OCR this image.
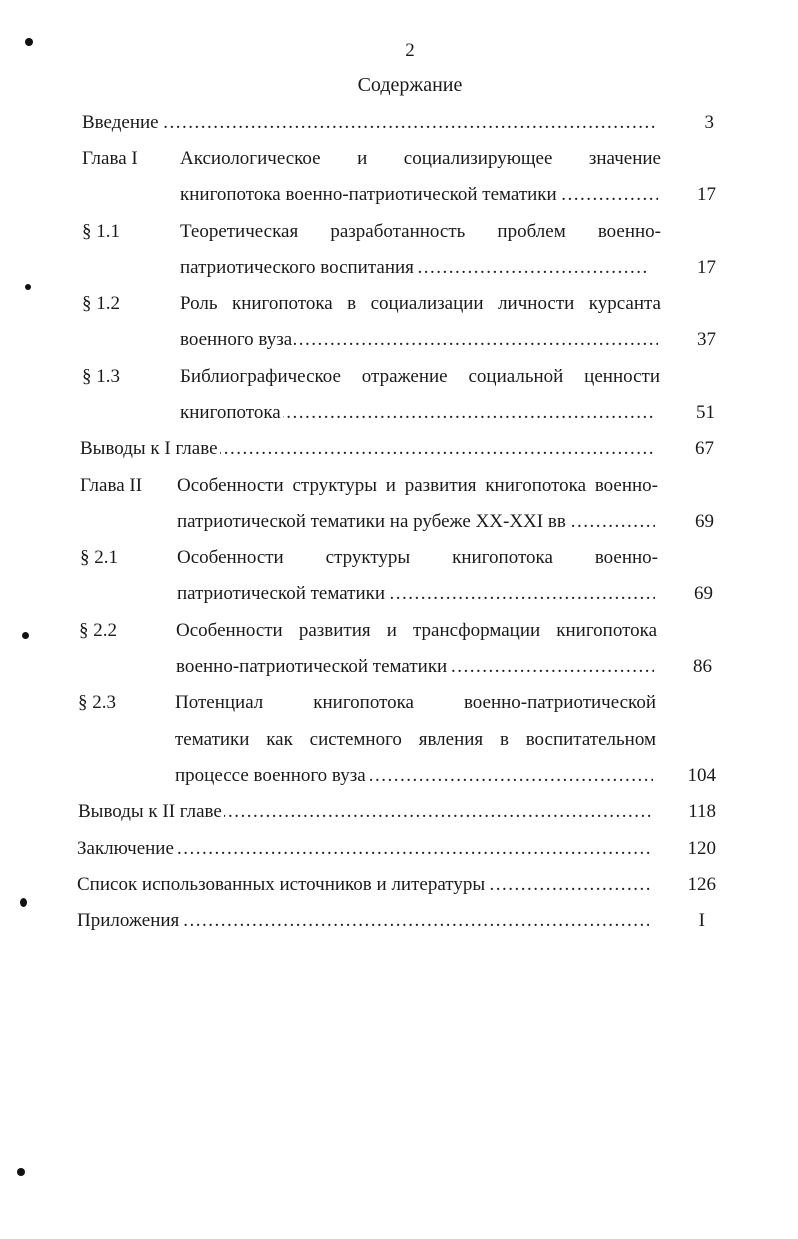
2
Содержание
Введение .....	3
Глава I Аксиологическое и социализирующее значение
книгопотока военно-патриотической тематики .....	17
§ 1.1	Теоретическая разработанность проблем военно-
патриотического воспитания .....	17
§ 1.2	Роль книгопотока в социализации личности курсанта
военного вуза .....	37
§ 1.3	Библиографическое отражение социальной ценности
книгопотока .....	51
Выводы к I главе .....	67
Глава II Особенности структуры и развития книгопотока военно-
патриотической тематики на рубеже XX-XXI вв .....	69
§ 2.1	Особенности структуры книгопотока военно-
патриотической тематики .....	69
§ 2.2	Особенности развития и трансформации книгопотока
военно-патриотической тематики .....	86
§ 2.3	Потенциал книгопотока военно-патриотической
тематики как системного явления в воспитательном
процессе военного вуза .....	104
Выводы к II главе .....	118
Заключение .....	120
Список использованных источников и литературы .....	126
Приложения .....	I
